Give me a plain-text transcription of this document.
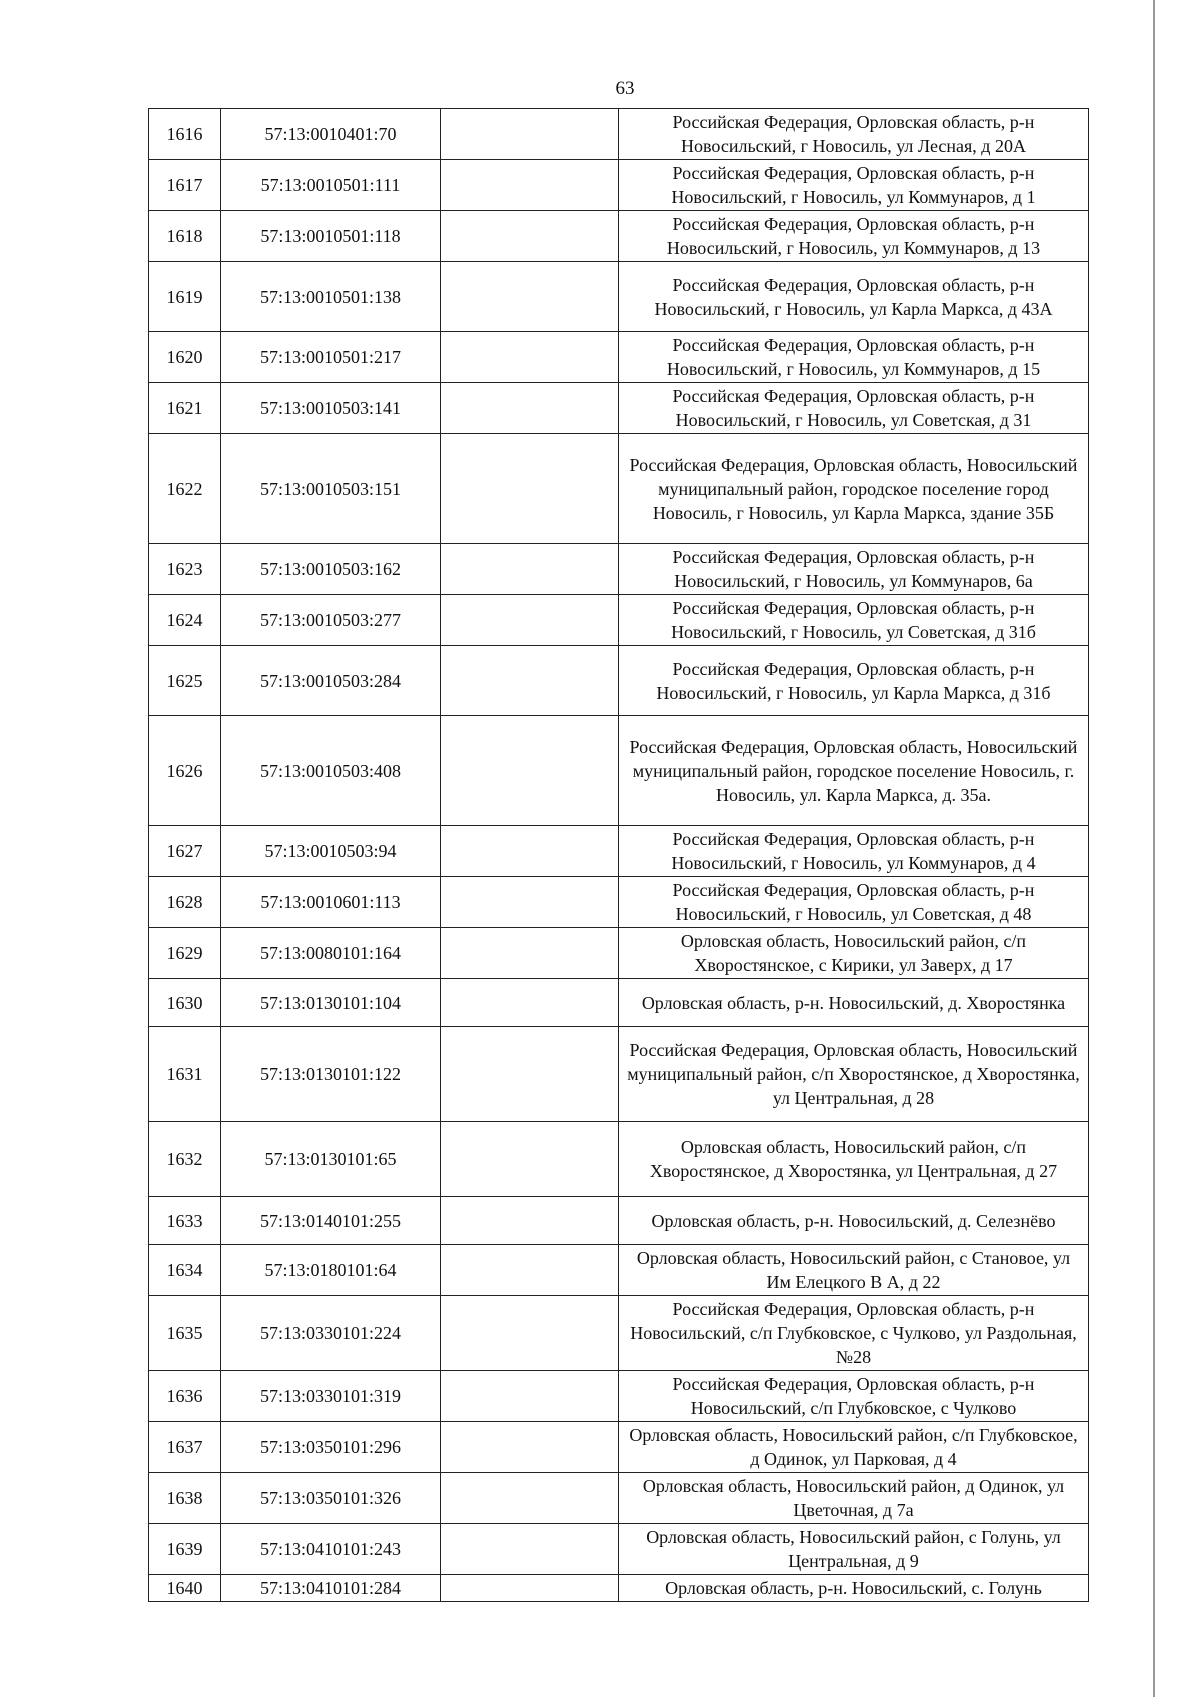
63
1616	57:13:0010401:70		Российская Федерация, Орловская область, р-н Новосильский, г Новосиль, ул Лесная, д 20А
1617	57:13:0010501:111		Российская Федерация, Орловская область, р-н Новосильский, г Новосиль, ул Коммунаров, д 1
1618	57:13:0010501:118		Российская Федерация, Орловская область, р-н Новосильский, г Новосиль, ул Коммунаров, д 13
1619	57:13:0010501:138		Российская Федерация, Орловская область, р-н Новосильский, г Новосиль, ул Карла Маркса, д 43А
1620	57:13:0010501:217		Российская Федерация, Орловская область, р-н Новосильский, г Новосиль, ул Коммунаров, д 15
1621	57:13:0010503:141		Российская Федерация, Орловская область, р-н Новосильский, г Новосиль, ул Советская, д 31
1622	57:13:0010503:151		Российская Федерация, Орловская область, Новосильский муниципальный район, городское поселение город Новосиль, г Новосиль, ул Карла Маркса, здание 35Б
1623	57:13:0010503:162		Российская Федерация, Орловская область, р-н Новосильский, г Новосиль, ул Коммунаров, 6а
1624	57:13:0010503:277		Российская Федерация, Орловская область, р-н Новосильский, г Новосиль, ул Советская, д 31б
1625	57:13:0010503:284		Российская Федерация, Орловская область, р-н Новосильский, г Новосиль, ул Карла Маркса, д 31б
1626	57:13:0010503:408		Российская Федерация, Орловская область, Новосильский муниципальный район, городское поселение Новосиль, г. Новосиль, ул. Карла Маркса, д. 35а.
1627	57:13:0010503:94		Российская Федерация, Орловская область, р-н Новосильский, г Новосиль, ул Коммунаров, д 4
1628	57:13:0010601:113		Российская Федерация, Орловская область, р-н Новосильский, г Новосиль, ул Советская, д 48
1629	57:13:0080101:164		Орловская область, Новосильский район, с/п Хворостянское, с Кирики, ул Заверх, д 17
1630	57:13:0130101:104		Орловская область, р-н. Новосильский, д. Хворостянка
1631	57:13:0130101:122		Российская Федерация, Орловская область, Новосильский муниципальный район, с/п Хворостянское, д Хворостянка, ул Центральная, д 28
1632	57:13:0130101:65		Орловская область, Новосильский район, с/п Хворостянское, д Хворостянка, ул Центральная, д 27
1633	57:13:0140101:255		Орловская область, р-н. Новосильский, д. Селезнёво
1634	57:13:0180101:64		Орловская область, Новосильский район, с Становое, ул Им Елецкого В А, д 22
1635	57:13:0330101:224		Российская Федерация, Орловская область, р-н Новосильский, с/п Глубковское, с Чулково, ул Раздольная, №28
1636	57:13:0330101:319		Российская Федерация, Орловская область, р-н Новосильский, с/п Глубковское, с Чулково
1637	57:13:0350101:296		Орловская область, Новосильский район, с/п Глубковское, д Одинок, ул Парковая, д 4
1638	57:13:0350101:326		Орловская область, Новосильский район, д Одинок, ул Цветочная, д 7а
1639	57:13:0410101:243		Орловская область, Новосильский район, с Голунь, ул Центральная, д 9
1640	57:13:0410101:284		Орловская область, р-н. Новосильский, с. Голунь
